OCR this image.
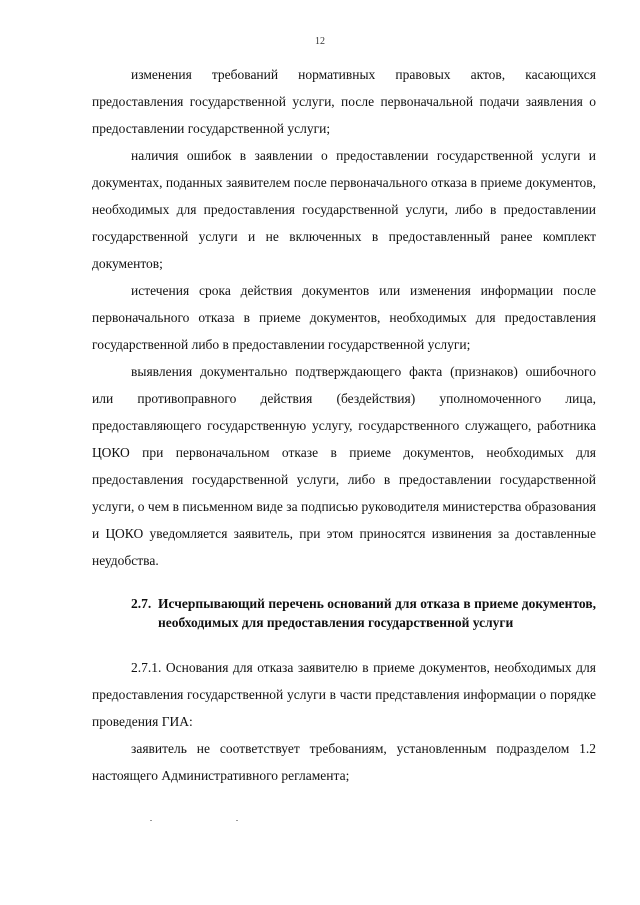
12

изменения требований нормативных правовых актов, касающихся предоставления государственной услуги, после первоначальной подачи заявления о предоставлении государственной услуги;

наличия ошибок в заявлении о предоставлении государственной услуги и документах, поданных заявителем после первоначального отказа в приеме документов, необходимых для предоставления государственной услуги, либо в предоставлении государственной услуги и не включенных в предоставленный ранее комплект документов;

истечения срока действия документов или изменения информации после первоначального отказа в приеме документов, необходимых для предоставления государственной либо в предоставлении государственной услуги;

выявления документально подтверждающего факта (признаков) ошибочного или противоправного действия (бездействия) уполномоченного лица, предоставляющего государственную услугу, государственного служащего, работника ЦОКО при первоначальном отказе в приеме документов, необходимых для предоставления государственной услуги, либо в предоставлении государственной услуги, о чем в письменном виде за подписью руководителя министерства образования и ЦОКО уведомляется заявитель, при этом приносятся извинения за доставленные неудобства.

2.7. Исчерпывающий перечень оснований для отказа в приеме документов, необходимых для предоставления государственной услуги

2.7.1. Основания для отказа заявителю в приеме документов, необходимых для предоставления государственной услуги в части представления информации о порядке проведения ГИА:

заявитель не соответствует требованиям, установленным подразделом 1.2 настоящего Административного регламента;
